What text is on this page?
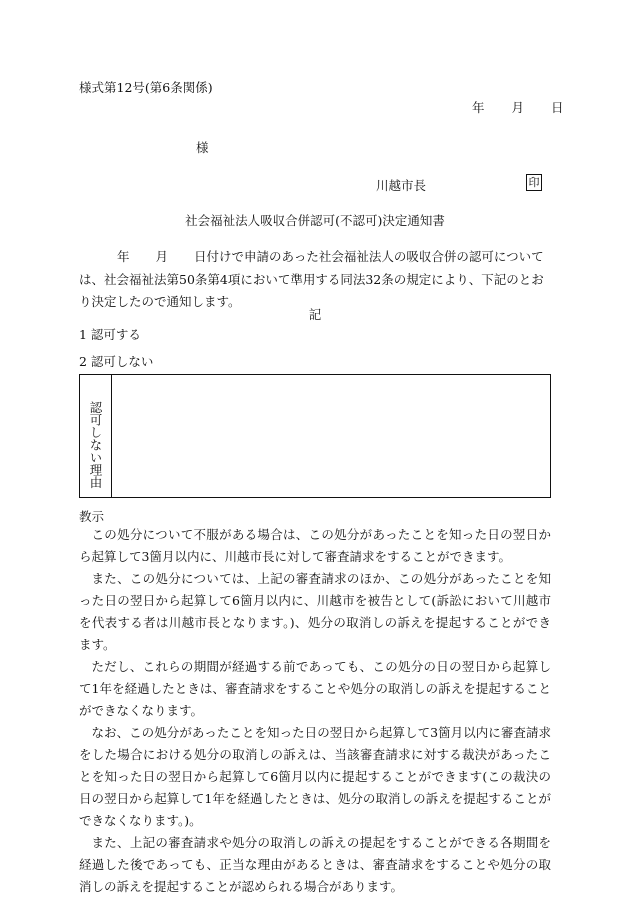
様式第12号(第6条関係)
年 月 日
様
川越市長	印
社会福祉法人吸収合併認可(不認可)決定通知書
年 月 日付けで申請のあった社会福祉法人の吸収合併の認可については、社会福祉法第50条第4項において準用する同法32条の規定により、下記のとおり決定したので通知します。
記
1 認可する
2 認可しない
認可しない理由
教示

この処分について不服がある場合は、この処分があったことを知った日の翌日から起算して3箇月以内に、川越市長に対して審査請求をすることができます。

また、この処分については、上記の審査請求のほか、この処分があったことを知った日の翌日から起算して6箇月以内に、川越市を被告として(訴訟において川越市を代表する者は川越市長となります。)、処分の取消しの訴えを提起することができます。

ただし、これらの期間が経過する前であっても、この処分の日の翌日から起算して1年を経過したときは、審査請求をすることや処分の取消しの訴えを提起することができなくなります。

なお、この処分があったことを知った日の翌日から起算して3箇月以内に審査請求をした場合における処分の取消しの訴えは、当該審査請求に対する裁決があったことを知った日の翌日から起算して6箇月以内に提起することができます(この裁決の日の翌日から起算して1年を経過したときは、処分の取消しの訴えを提起することができなくなります。)。

また、上記の審査請求や処分の取消しの訴えの提起をすることができる各期間を経過した後であっても、正当な理由があるときは、審査請求をすることや処分の取消しの訴えを提起することが認められる場合があります。
